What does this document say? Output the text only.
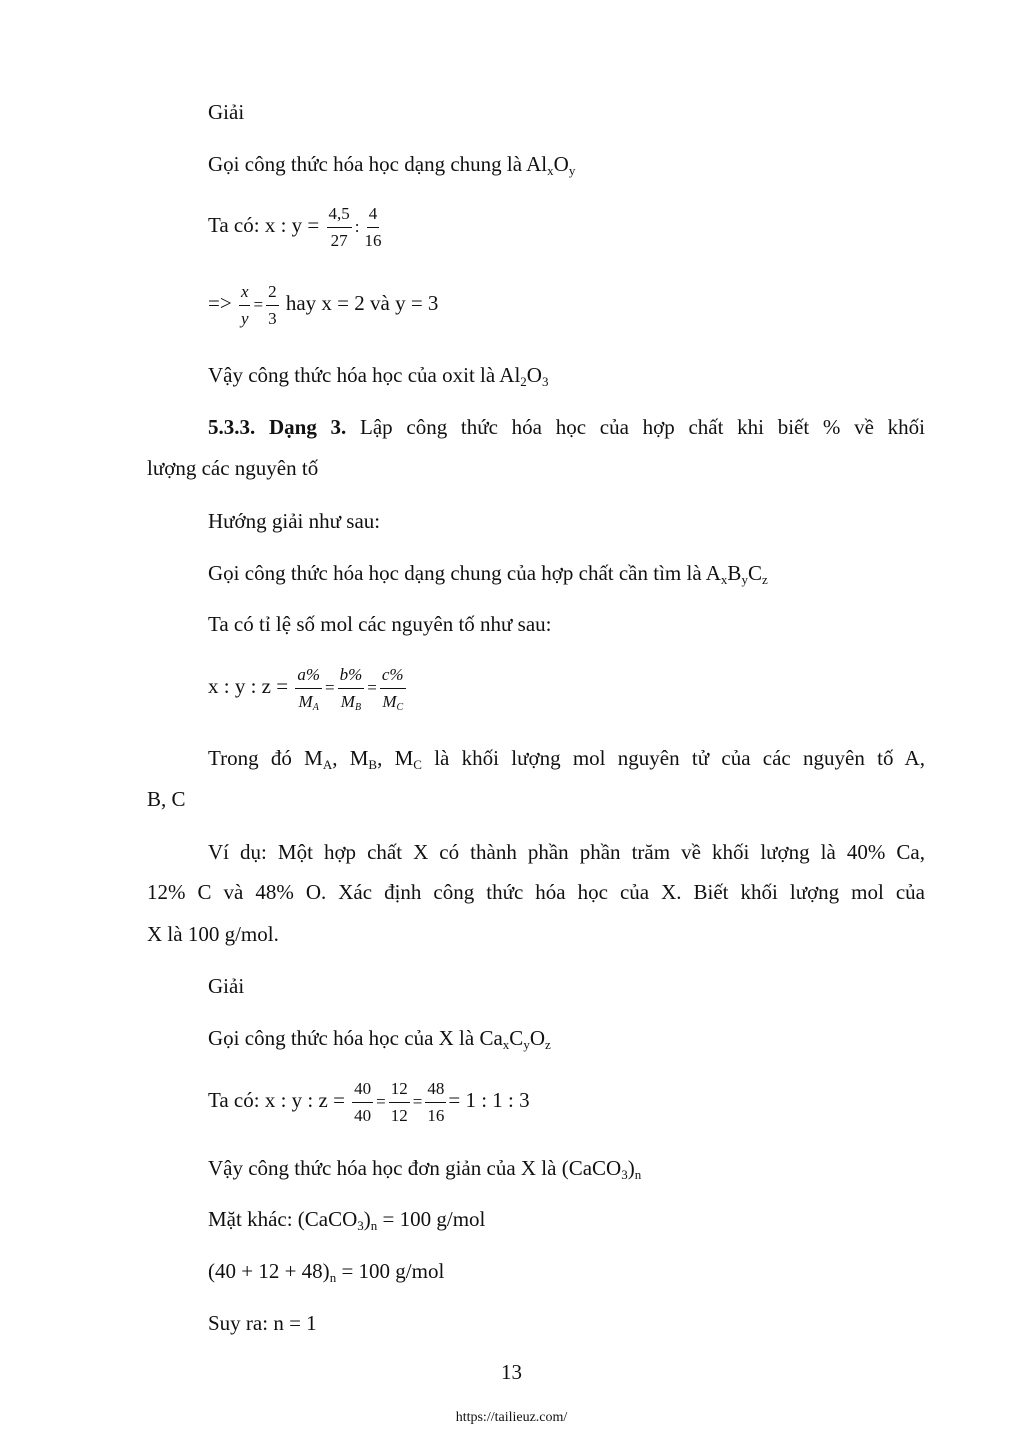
Giải
Gọi công thức hóa học dạng chung là $Al_xO_y$
Ta có: x : $y = \frac{4,5}{27}$ : $\frac{4}{16}$
=> $\frac{x}{y} = \frac{2}{3}$ hay x = 2 và y = 3
Vậy công thức hóa học của oxit là $Al_2O_3$
5.3.3. Dạng 3. Lập công thức hóa học của hợp chất khi biết % về khối
lượng các nguyên tố
Hướng giải như sau:
Gọi công thức hóa học dạng chung của hợp chất cần tìm là $A_xB_yC_z$
Ta có tỉ lệ số mol các nguyên tố như sau:
x : y : $z = \frac{a\%}{M_A} = \frac{b\%}{M_B} = \frac{c\%}{M_C}$
Trong đó $M_A$, $M_B$, $M_C$ là khối lượng mol nguyên tử của các nguyên tố A,
B, C
Ví dụ: Một hợp chất X có thành phần phần trăm về khối lượng là 40% Ca,
12% C và 48% O. Xác định công thức hóa học của X. Biết khối lượng mol của
X là 100 g/mol.
Giải
Gọi công thức hóa học của X là $Ca_xC_yO_z$
Ta có: x : y : $z = \frac{40}{40} = \frac{12}{12} = \frac{48}{16} = 1$ : 1 : 3
Vậy công thức hóa học đơn giản của X là $(CaCO_3)_n$
Mặt khác: $(CaCO_3)_n = 100$ g/mol
$(40 + 12 + 48)_n = 100$ g/mol
Suy ra: n = 1
13
https://tailieuz.com/
